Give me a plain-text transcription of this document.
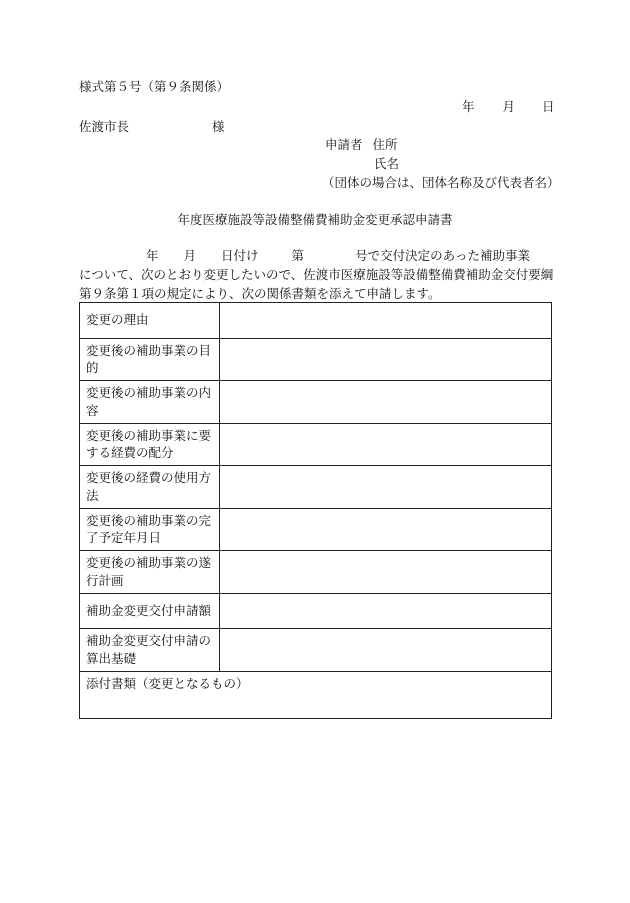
様式第５号（第９条関係）
年 月 日
佐渡市長	様
申請者 住所
氏名
（団体の場合は、団体名称及び代表者名）
年度医療施設等設備整備費補助金変更承認申請書
年 月 日付け	第	号で交付決定のあった補助事業
について、次のとおり変更したいので、佐渡市医療施設等設備整備費補助金交付要綱
第９条第１項の規定により、次の関係書類を添えて申請します。
変更の理由	
変更後の補助事業の目的	
変更後の補助事業の内容	
変更後の補助事業に要する経費の配分	
変更後の経費の使用方法	
変更後の補助事業の完了予定年月日	
変更後の補助事業の遂行計画	
補助金変更交付申請額	
補助金変更交付申請の算出基礎	
添付書類（変更となるもの）	
